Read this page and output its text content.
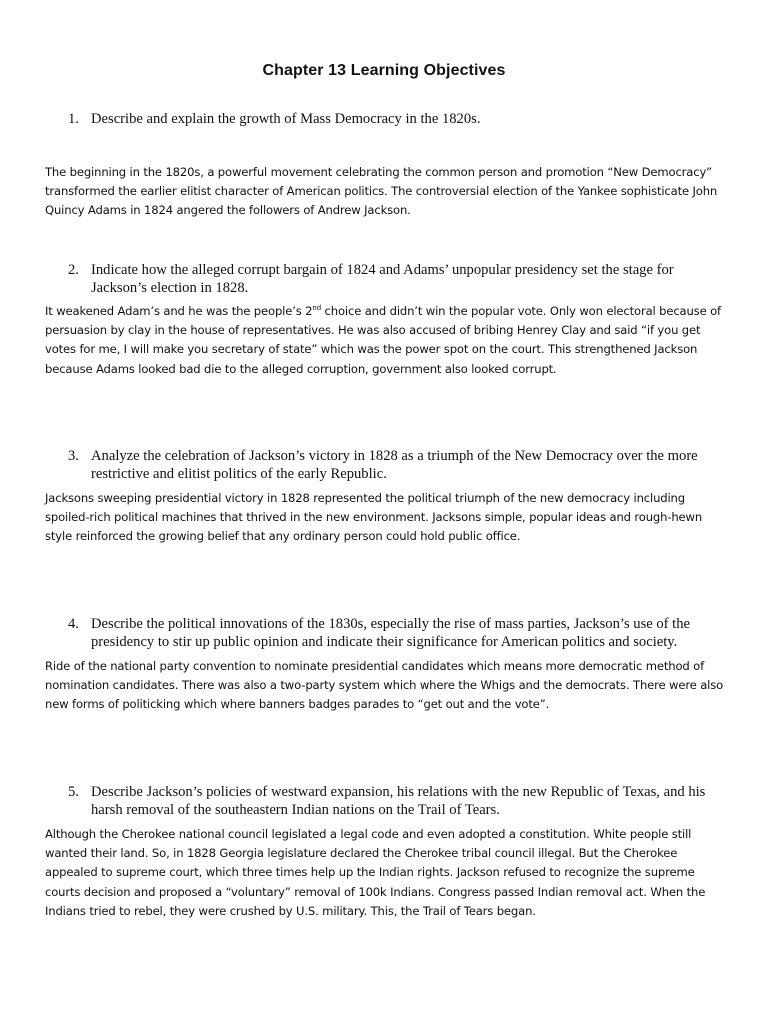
Chapter 13 Learning Objectives
1. Describe and explain the growth of Mass Democracy in the 1820s.
The beginning in the 1820s, a powerful movement celebrating the common person and promotion “New Democracy” transformed the earlier elitist character of American politics. The controversial election of the Yankee sophisticate John Quincy Adams in 1824 angered the followers of Andrew Jackson.
2. Indicate how the alleged corrupt bargain of 1824 and Adams’ unpopular presidency set the stage for Jackson’s election in 1828.
It weakened Adam’s and he was the people’s 2nd choice and didn’t win the popular vote. Only won electoral because of persuasion by clay in the house of representatives. He was also accused of bribing Henrey Clay and said “if you get votes for me, I will make you secretary of state” which was the power spot on the court. This strengthened Jackson because Adams looked bad die to the alleged corruption, government also looked corrupt.
3. Analyze the celebration of Jackson’s victory in 1828 as a triumph of the New Democracy over the more restrictive and elitist politics of the early Republic.
Jacksons sweeping presidential victory in 1828 represented the political triumph of the new democracy including spoiled-rich political machines that thrived in the new environment. Jacksons simple, popular ideas and rough-hewn style reinforced the growing belief that any ordinary person could hold public office.
4. Describe the political innovations of the 1830s, especially the rise of mass parties, Jackson’s use of the presidency to stir up public opinion and indicate their significance for American politics and society.
Ride of the national party convention to nominate presidential candidates which means more democratic method of nomination candidates. There was also a two-party system which where the Whigs and the democrats. There were also new forms of politicking which where banners badges parades to “get out and the vote”.
5. Describe Jackson’s policies of westward expansion, his relations with the new Republic of Texas, and his harsh removal of the southeastern Indian nations on the Trail of Tears.
Although the Cherokee national council legislated a legal code and even adopted a constitution. White people still wanted their land. So, in 1828 Georgia legislature declared the Cherokee tribal council illegal. But the Cherokee appealed to supreme court, which three times help up the Indian rights. Jackson refused to recognize the supreme courts decision and proposed a “voluntary” removal of 100k Indians. Congress passed Indian removal act. When the Indians tried to rebel, they were crushed by U.S. military. This, the Trail of Tears began.
